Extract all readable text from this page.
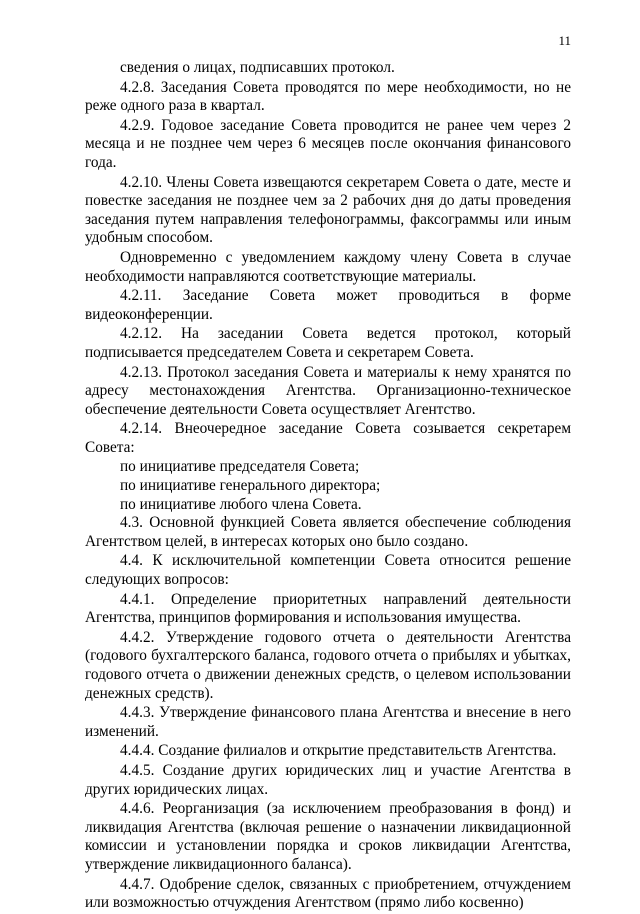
11

сведения о лицах, подписавших протокол.

4.2.8. Заседания Совета проводятся по мере необходимости, но не реже одного раза в квартал.

4.2.9. Годовое заседание Совета проводится не ранее чем через 2 месяца и не позднее чем через 6 месяцев после окончания финансового года.

4.2.10. Члены Совета извещаются секретарем Совета о дате, месте и повестке заседания не позднее чем за 2 рабочих дня до даты проведения заседания путем направления телефонограммы, факсограммы или иным удобным способом.

Одновременно с уведомлением каждому члену Совета в случае необходимости направляются соответствующие материалы.

4.2.11. Заседание Совета может проводиться в форме видеоконференции.

4.2.12. На заседании Совета ведется протокол, который подписывается председателем Совета и секретарем Совета.

4.2.13. Протокол заседания Совета и материалы к нему хранятся по адресу местонахождения Агентства. Организационно-техническое обеспечение деятельности Совета осуществляет Агентство.

4.2.14. Внеочередное заседание Совета созывается секретарем Совета:

по инициативе председателя Совета;

по инициативе генерального директора;

по инициативе любого члена Совета.

4.3. Основной функцией Совета является обеспечение соблюдения Агентством целей, в интересах которых оно было создано.

4.4. К исключительной компетенции Совета относится решение следующих вопросов:

4.4.1. Определение приоритетных направлений деятельности Агентства, принципов формирования и использования имущества.

4.4.2. Утверждение годового отчета о деятельности Агентства (годового бухгалтерского баланса, годового отчета о прибылях и убытках, годового отчета о движении денежных средств, о целевом использовании денежных средств).

4.4.3. Утверждение финансового плана Агентства и внесение в него изменений.

4.4.4. Создание филиалов и открытие представительств Агентства.

4.4.5. Создание других юридических лиц и участие Агентства в других юридических лицах.

4.4.6. Реорганизация (за исключением преобразования в фонд) и ликвидация Агентства (включая решение о назначении ликвидационной комиссии и установлении порядка и сроков ликвидации Агентства, утверждение ликвидационного баланса).

4.4.7. Одобрение сделок, связанных с приобретением, отчуждением или возможностью отчуждения Агентством (прямо либо косвенно)
